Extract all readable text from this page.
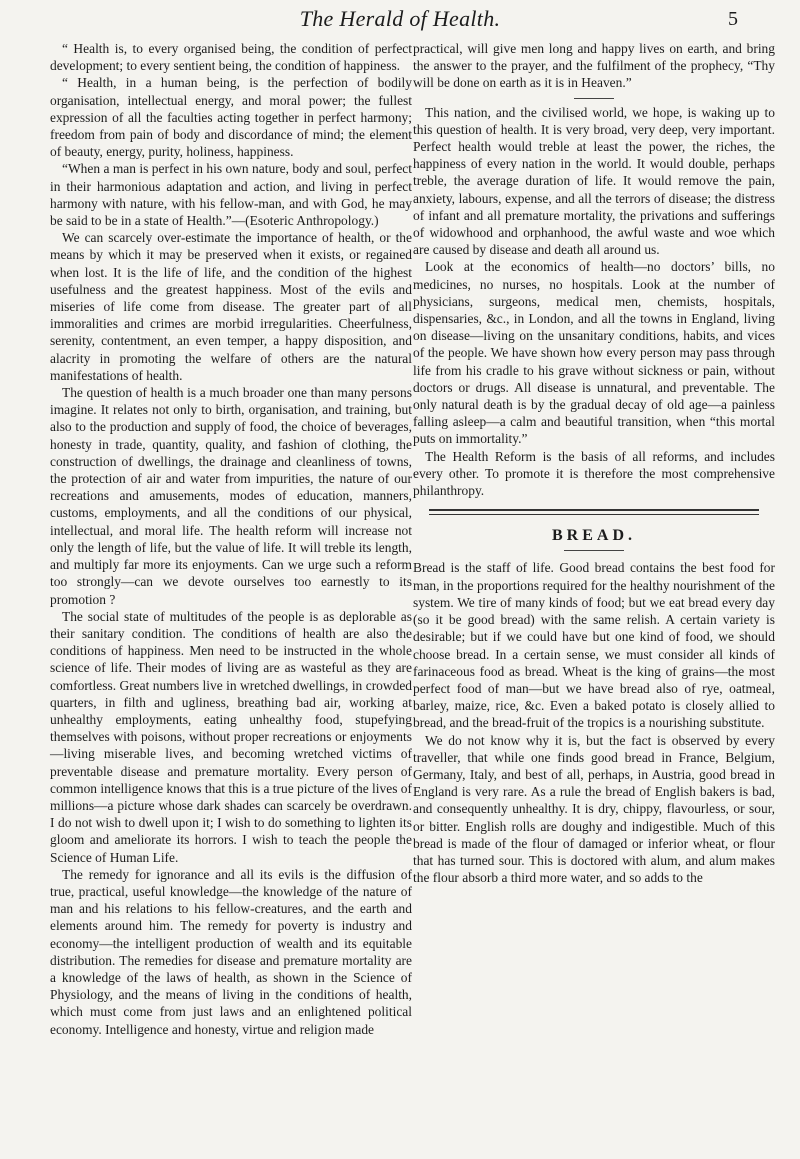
The Herald of Health.	5

“ Health is, to every organised being, the condition of perfect development; to every sentient being, the condition of happiness.

“ Health, in a human being, is the perfection of bodily organisation, intellectual energy, and moral power; the fullest expression of all the faculties acting together in perfect harmony; freedom from pain of body and discordance of mind; the element of beauty, energy, purity, holiness, happiness.

“When a man is perfect in his own nature, body and soul, perfect in their harmonious adaptation and action, and living in perfect harmony with nature, with his fellow-man, and with God, he may be said to be in a state of Health.”—(Esoteric Anthropology.)

We can scarcely over-estimate the importance of health, or the means by which it may be preserved when it exists, or regained when lost. It is the life of life, and the condition of the highest usefulness and the greatest happiness. Most of the evils and miseries of life come from disease. The greater part of all immoralities and crimes are morbid irregularities. Cheerfulness, serenity, contentment, an even temper, a happy disposition, and alacrity in promoting the welfare of others are the natural manifestations of health.

The question of health is a much broader one than many persons imagine. It relates not only to birth, organisation, and training, but also to the production and supply of food, the choice of beverages, honesty in trade, quantity, quality, and fashion of clothing, the construction of dwellings, the drainage and cleanliness of towns, the protection of air and water from impurities, the nature of our recreations and amusements, modes of education, manners, customs, employments, and all the conditions of our physical, intellectual, and moral life. The health reform will increase not only the length of life, but the value of life. It will treble its length, and multiply far more its enjoyments. Can we urge such a reform too strongly—can we devote ourselves too earnestly to its promotion ?

The social state of multitudes of the people is as deplorable as their sanitary condition. The conditions of health are also the conditions of happiness. Men need to be instructed in the whole science of life. Their modes of living are as wasteful as they are comfortless. Great numbers live in wretched dwellings, in crowded quarters, in filth and ugliness, breathing bad air, working at unhealthy employments, eating unhealthy food, stupefying themselves with poisons, without proper recreations or enjoyments—living miserable lives, and becoming wretched victims of preventable disease and premature mortality. Every person of common intelligence knows that this is a true picture of the lives of millions—a picture whose dark shades can scarcely be overdrawn. I do not wish to dwell upon it; I wish to do something to lighten its gloom and ameliorate its horrors. I wish to teach the people the Science of Human Life.

The remedy for ignorance and all its evils is the diffusion of true, practical, useful knowledge—the knowledge of the nature of man and his relations to his fellow-creatures, and the earth and elements around him. The remedy for poverty is industry and economy—the intelligent production of wealth and its equitable distribution. The remedies for disease and premature mortality are a knowledge of the laws of health, as shown in the Science of Physiology, and the means of living in the conditions of health, which must come from just laws and an enlightened political economy. Intelligence and honesty, virtue and religion made

practical, will give men long and happy lives on earth, and bring the answer to the prayer, and the fulfilment of the prophecy, “Thy will be done on earth as it is in Heaven.”

This nation, and the civilised world, we hope, is waking up to this question of health. It is very broad, very deep, very important. Perfect health would treble at least the power, the riches, the happiness of every nation in the world. It would double, perhaps treble, the average duration of life. It would remove the pain, anxiety, labours, expense, and all the terrors of disease; the distress of infant and all premature mortality, the privations and sufferings of widowhood and orphanhood, the awful waste and woe which are caused by disease and death all around us.

Look at the economics of health—no doctors’ bills, no medicines, no nurses, no hospitals. Look at the number of physicians, surgeons, medical men, chemists, hospitals, dispensaries, &c., in London, and all the towns in England, living on disease—living on the unsanitary conditions, habits, and vices of the people. We have shown how every person may pass through life from his cradle to his grave without sickness or pain, without doctors or drugs. All disease is unnatural, and preventable. The only natural death is by the gradual decay of old age—a painless falling asleep—a calm and beautiful transition, when “this mortal puts on immortality.”

The Health Reform is the basis of all reforms, and includes every other. To promote it is therefore the most comprehensive philanthropy.

BREAD.

Bread is the staff of life. Good bread contains the best food for man, in the proportions required for the healthy nourishment of the system. We tire of many kinds of food; but we eat bread every day (so it be good bread) with the same relish. A certain variety is desirable; but if we could have but one kind of food, we should choose bread. In a certain sense, we must consider all kinds of farinaceous food as bread. Wheat is the king of grains—the most perfect food of man—but we have bread also of rye, oatmeal, barley, maize, rice, &c. Even a baked potato is closely allied to bread, and the bread-fruit of the tropics is a nourishing substitute.

We do not know why it is, but the fact is observed by every traveller, that while one finds good bread in France, Belgium, Germany, Italy, and best of all, perhaps, in Austria, good bread in England is very rare. As a rule the bread of English bakers is bad, and consequently unhealthy. It is dry, chippy, flavourless, or sour, or bitter. English rolls are doughy and indigestible. Much of this bread is made of the flour of damaged or inferior wheat, or flour that has turned sour. This is doctored with alum, and alum makes the flour absorb a third more water, and so adds to the
